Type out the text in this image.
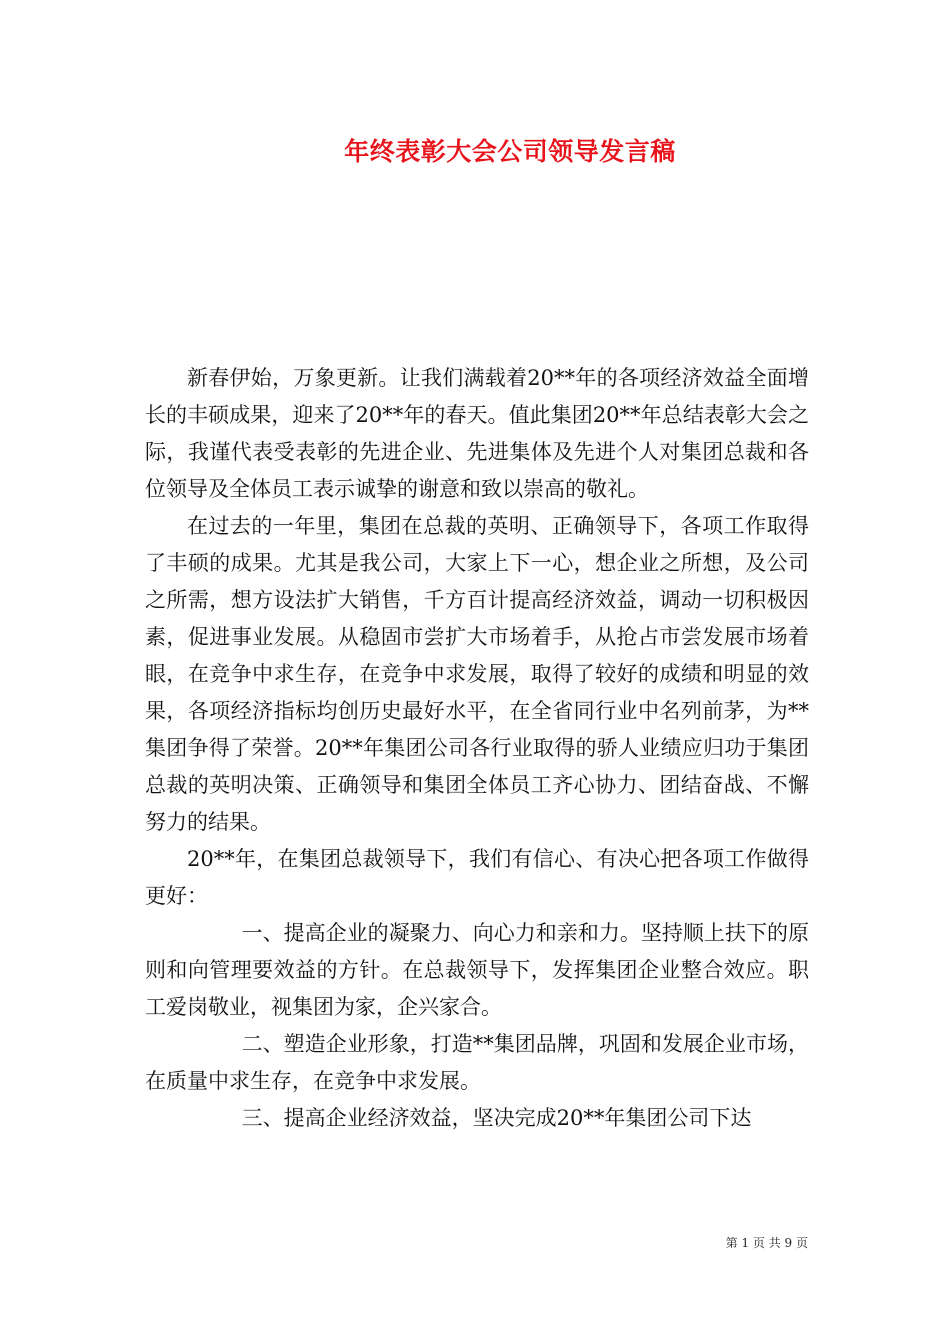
年终表彰大会公司领导发言稿

新春伊始，万象更新。让我们满载着20**年的各项经济效益全面增长的丰硕成果，迎来了20**年的春天。值此集团20**年总结表彰大会之际，我谨代表受表彰的先进企业、先进集体及先进个人对集团总裁和各位领导及全体员工表示诚挚的谢意和致以崇高的敬礼。

在过去的一年里，集团在总裁的英明、正确领导下，各项工作取得了丰硕的成果。尤其是我公司，大家上下一心，想企业之所想，及公司之所需，想方设法扩大销售，千方百计提高经济效益，调动一切积极因素，促进事业发展。从稳固市尝扩大市场着手，从抢占市尝发展市场着眼，在竞争中求生存，在竞争中求发展，取得了较好的成绩和明显的效果，各项经济指标均创历史最好水平，在全省同行业中名列前茅，为**集团争得了荣誉。20**年集团公司各行业取得的骄人业绩应归功于集团总裁的英明决策、正确领导和集团全体员工齐心协力、团结奋战、不懈努力的结果。

20**年，在集团总裁领导下，我们有信心、有决心把各项工作做得更好：

一、提高企业的凝聚力、向心力和亲和力。坚持顺上扶下的原则和向管理要效益的方针。在总裁领导下，发挥集团企业整合效应。职工爱岗敬业，视集团为家，企兴家合。

二、塑造企业形象，打造**集团品牌，巩固和发展企业市场，在质量中求生存，在竞争中求发展。

三、提高企业经济效益，坚决完成20**年集团公司下达

第 1 页 共 9 页
